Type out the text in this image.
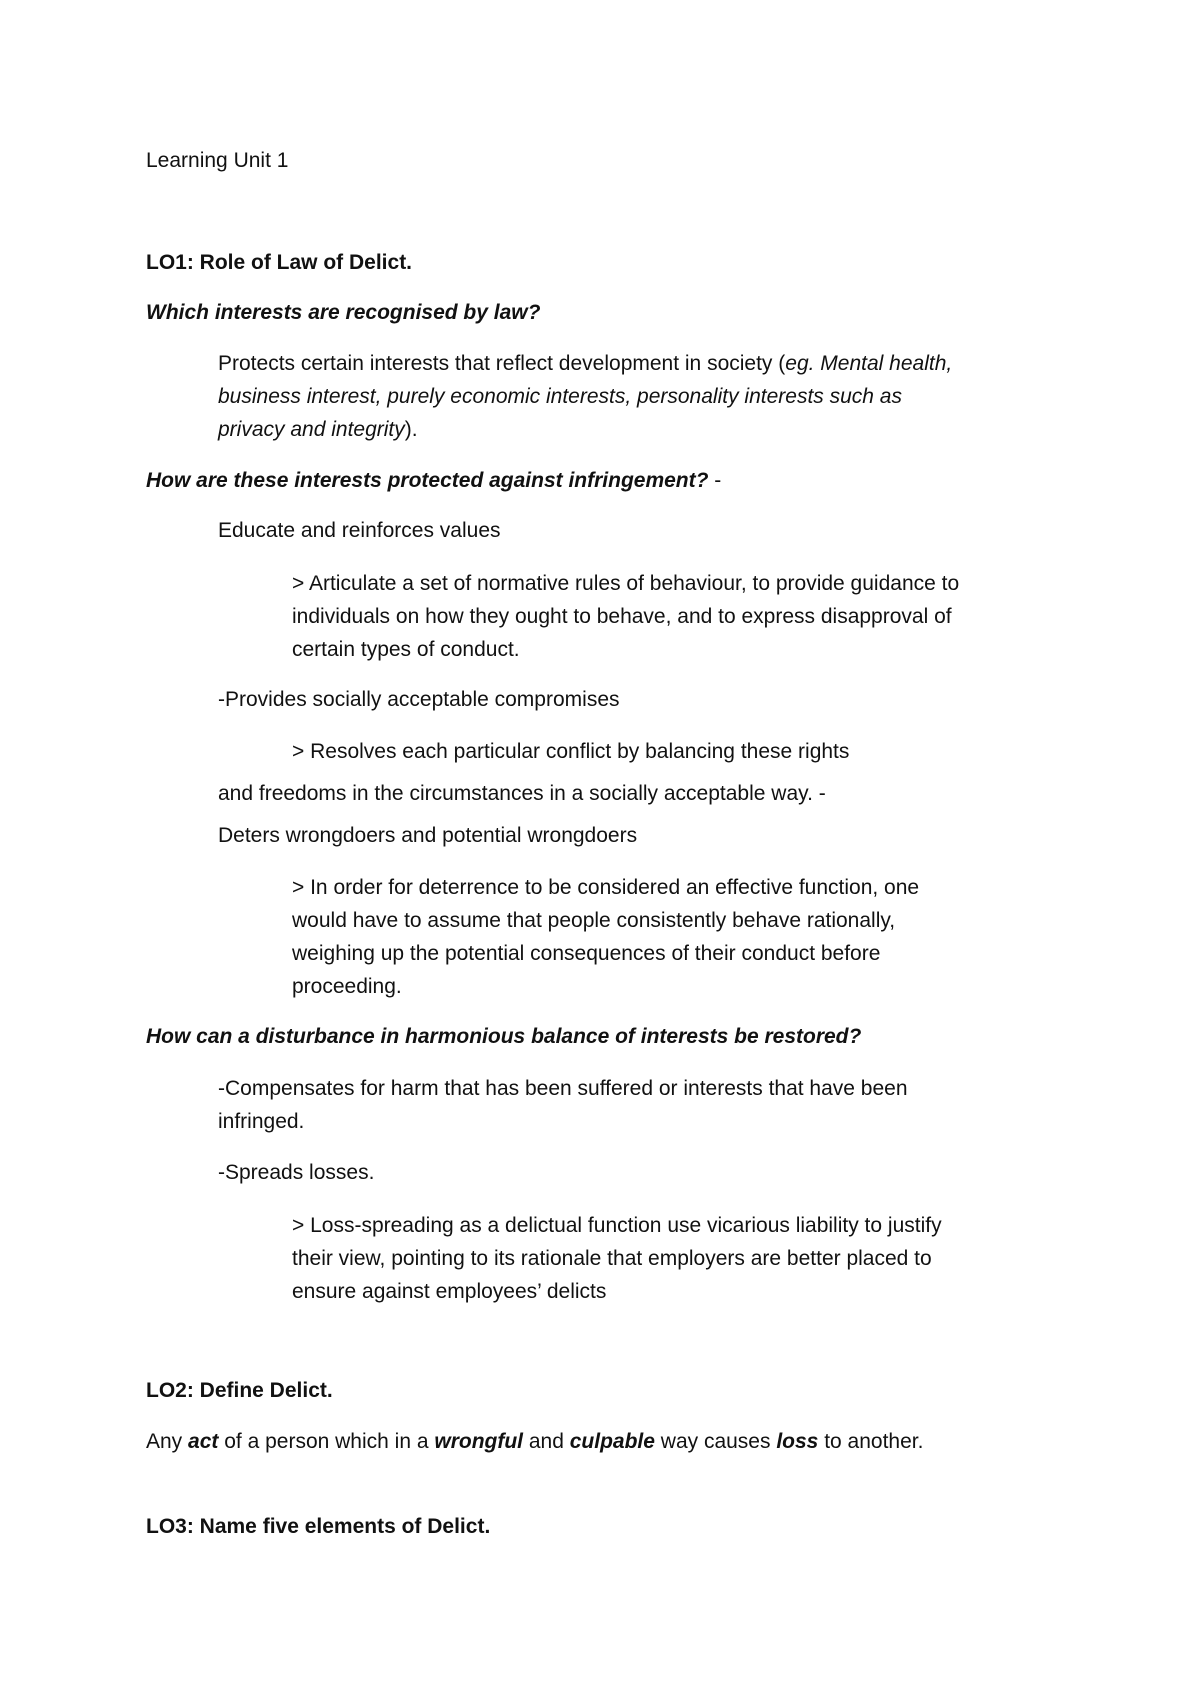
Learning Unit 1
LO1: Role of Law of Delict.
Which interests are recognised by law?
Protects certain interests that reflect development in society (eg. Mental health,
business interest, purely economic interests, personality interests such as
privacy and integrity).
How are these interests protected against infringement? -
Educate and reinforces values
> Articulate a set of normative rules of behaviour, to provide guidance to
individuals on how they ought to behave, and to express disapproval of
certain types of conduct.
-Provides socially acceptable compromises
> Resolves each particular conflict by balancing these rights
and freedoms in the circumstances in a socially acceptable way. -
Deters wrongdoers and potential wrongdoers
> In order for deterrence to be considered an effective function, one
would have to assume that people consistently behave rationally,
weighing up the potential consequences of their conduct before
proceeding.
How can a disturbance in harmonious balance of interests be restored?
-Compensates for harm that has been suffered or interests that have been
infringed.
-Spreads losses.
> Loss-spreading as a delictual function use vicarious liability to justify
their view, pointing to its rationale that employers are better placed to
ensure against employees’ delicts
LO2: Define Delict.
Any act of a person which in a wrongful and culpable way causes loss to another.
LO3: Name five elements of Delict.
